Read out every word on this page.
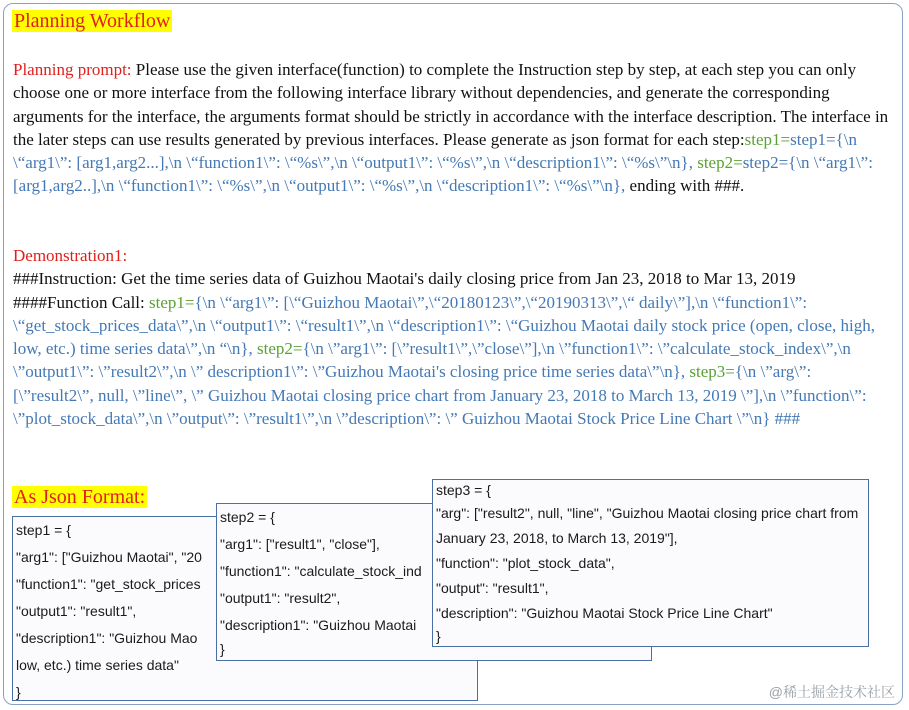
Planning Workflow
Planning prompt: Please use the given interface(function) to complete the Instruction step by step, at each step you can only choose one or more interface from the following interface library without dependencies, and generate the corresponding arguments for the interface, the arguments format should be strictly in accordance with the interface description. The interface in the later steps can use results generated by previous interfaces. Please generate as json format for each step:step1=step1={\n \“arg1\”: [arg1,arg2...],\n \“function1\”: \“%s\”,\n \“output1\”: \“%s\”,\n \“description1\”: \“%s\”\n}, step2=step2={\n \“arg1\”: [arg1,arg2..],\n \“function1\”: \“%s\”,\n \“output1\”: \“%s\”,\n \“description1\”: \“%s\”\n}, ending with ###.
Demonstration1:
###Instruction: Get the time series data of Guizhou Maotai's daily closing price from Jan 23, 2018 to Mar 13, 2019
####Function Call: step1={\n \“arg1\”: [\“Guizhou Maotai\”,\“20180123\”,\“20190313\”,\“ daily\”],\n \“function1\”: \“get_stock_prices_data\”,\n \“output1\”: \“result1\”,\n \“description1\”: \“Guizhou Maotai daily stock price (open, close, high, low, etc.) time series data\”,\n “\n}, step2={\n \”arg1\”: [\”result1\”,\”close\”],\n \”function1\”: \”calculate_stock_index\”,\n \”output1\”: \”result2\”,\n \” description1\”: \”Guizhou Maotai's closing price time series data\”\n}, step3={\n \”arg\”: [\”result2\”, null, \”line\”, \” Guizhou Maotai closing price chart from January 23, 2018 to March 13, 2019 \”],\n \”function\”: \”plot_stock_data\”,\n \”output\”: \”result1\”,\n \”description\”: \” Guizhou Maotai Stock Price Line Chart \”\n} ###
As Json Format:
step1 = {
"arg1": ["Guizhou Maotai", "20
"function1": "get_stock_prices
"output1": "result1",
"description1": "Guizhou Mao
low, etc.) time series data"
}
step2 = {
"arg1": ["result1", "close"],
"function1": "calculate_stock_ind
"output1": "result2",
"description1": "Guizhou Maotai
}
step3 = {
"arg": ["result2", null, "line", "Guizhou Maotai closing price chart from
January 23, 2018, to March 13, 2019"],
"function": "plot_stock_data",
"output": "result1",
"description": "Guizhou Maotai Stock Price Line Chart"
}
@稀土掘金技术社区
